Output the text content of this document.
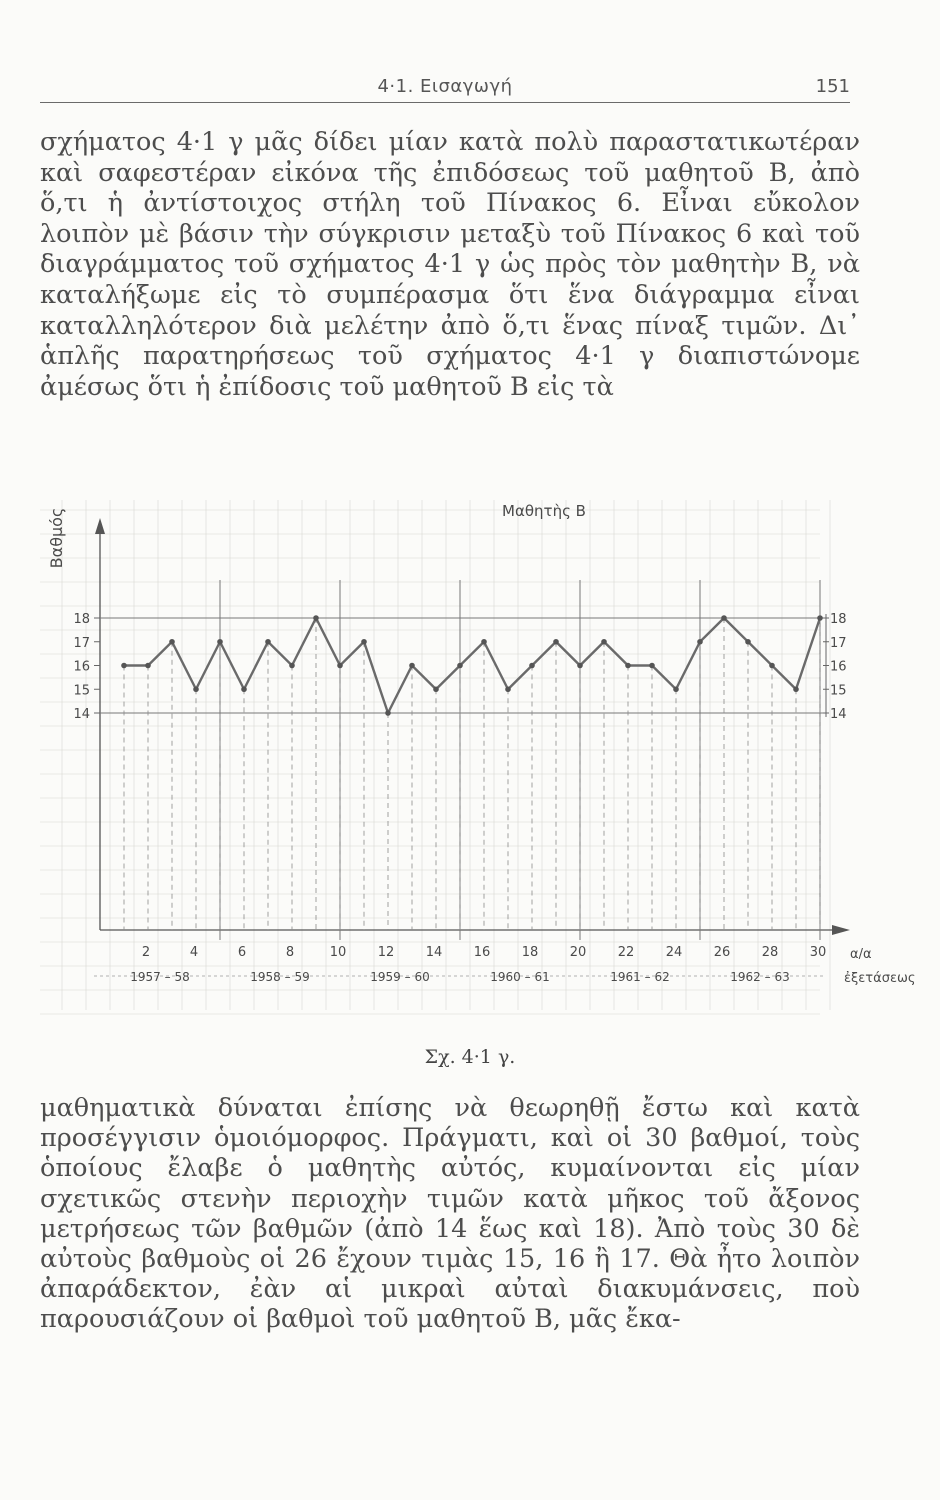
4·1. Εισαγωγή	151

σχήματος 4·1 γ μᾶς δίδει μίαν κατὰ πολὺ παραστατικωτέραν καὶ σαφεστέραν εἰκόνα τῆς ἐπιδόσεως τοῦ μαθητοῦ Β, ἀπὸ ὅ,τι ἡ ἀντίστοιχος στήλη τοῦ Πίνακος 6. Εἶναι εὔκολον λοιπὸν μὲ βάσιν τὴν σύγκρισιν μεταξὺ τοῦ Πίνακος 6 καὶ τοῦ διαγράμματος τοῦ σχήματος 4·1 γ ὡς πρὸς τὸν μαθητὴν Β, νὰ καταλήξωμε εἰς τὸ συμπέρασμα ὅτι ἕνα διάγραμμα εἶναι καταλληλότερον διὰ μελέτην ἀπὸ ὅ,τι ἕνας πίναξ τιμῶν. Δι᾿ ἁπλῆς παρατηρήσεως τοῦ σχήματος 4·1 γ διαπιστώνομε ἀμέσως ὅτι ἡ ἐπίδοσις τοῦ μαθητοῦ Β εἰς τὰ

Μαθητὴς Β
Βαθμός
14	14
15	15
16	16
17	17
18	18
2	4	6	8	10 12 14 16 18 20 22 24 26 28 30
1957 – 58	1958 – 59	1959 – 60	1960 – 61	1961 – 62	1962 – 63
α/α
ἐξετάσεως
Σχ. 4·1 γ.

μαθηματικὰ δύναται ἐπίσης νὰ θεωρηθῇ ἔστω καὶ κατὰ προσέγγισιν ὁμοιόμορφος. Πράγματι, καὶ οἱ 30 βαθμοί, τοὺς ὁποίους ἔλαβε ὁ μαθητὴς αὐτός, κυμαίνονται εἰς μίαν σχετικῶς στενὴν περιοχὴν τιμῶν κατὰ μῆκος τοῦ ἄξονος μετρήσεως τῶν βαθμῶν (ἀπὸ 14 ἕως καὶ 18). Ἀπὸ τοὺς 30 δὲ αὐτοὺς βαθμοὺς οἱ 26 ἔχουν τιμὰς 15, 16 ἢ 17. Θὰ ἦτο λοιπὸν ἀπαράδεκτον, ἐὰν αἱ μικραὶ αὐταὶ διακυμάνσεις, ποὺ παρουσιάζουν οἱ βαθμοὶ τοῦ μαθητοῦ Β, μᾶς ἔκα-
